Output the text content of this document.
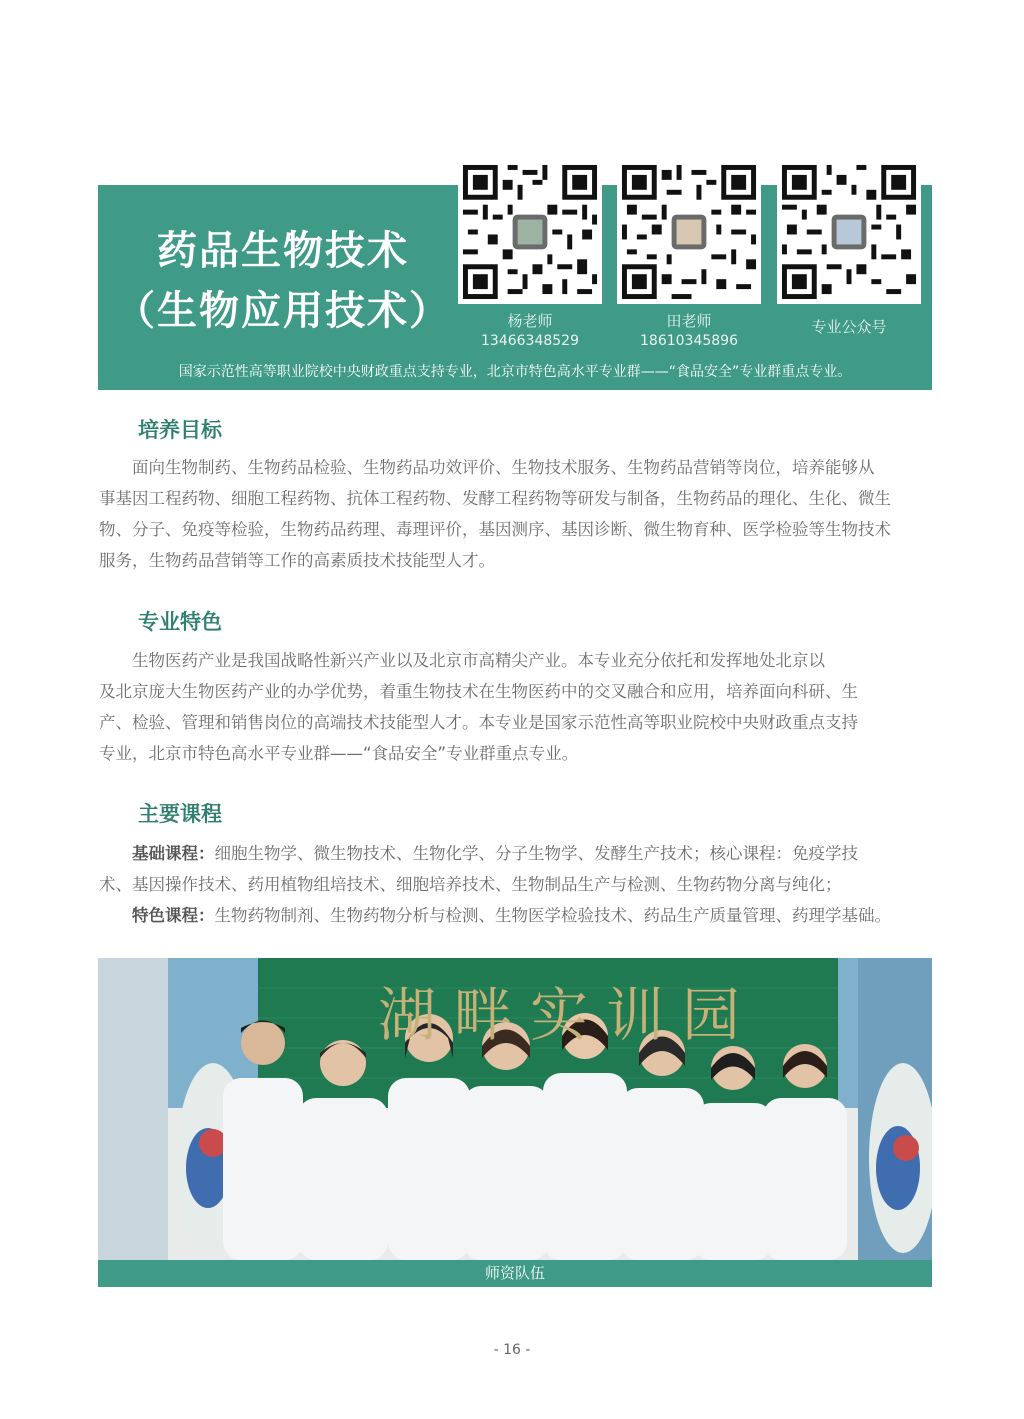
药品生物技术
（生物应用技术）	杨老师
13466348529
田老师
18610345896
专业公众号
国家示范性高等职业院校中央财政重点支持专业，北京市特色高水平专业群——“食品安全”专业群重点专业。
培养目标
面向生物制药、生物药品检验、生物药品功效评价、生物技术服务、生物药品营销等岗位，培养能够从
事基因工程药物、细胞工程药物、抗体工程药物、发酵工程药物等研发与制备，生物药品的理化、生化、微生
物、分子、免疫等检验，生物药品药理、毒理评价，基因测序、基因诊断、微生物育种、医学检验等生物技术
服务，生物药品营销等工作的高素质技术技能型人才。
专业特色
生物医药产业是我国战略性新兴产业以及北京市高精尖产业。本专业充分依托和发挥地处北京以
及北京庞大生物医药产业的办学优势，着重生物技术在生物医药中的交叉融合和应用，培养面向科研、生
产、检验、管理和销售岗位的高端技术技能型人才。本专业是国家示范性高等职业院校中央财政重点支持
专业，北京市特色高水平专业群——“食品安全”专业群重点专业。
主要课程
基础课程：细胞生物学、微生物技术、生物化学、分子生物学、发酵生产技术；核心课程：免疫学技
术、基因操作技术、药用植物组培技术、细胞培养技术、生物制品生产与检测、生物药物分离与纯化；
特色课程：生物药物制剂、生物药物分析与检测、生物医学检验技术、药品生产质量管理、药理学基础。
湖畔实训园
师资队伍
- 16 -
